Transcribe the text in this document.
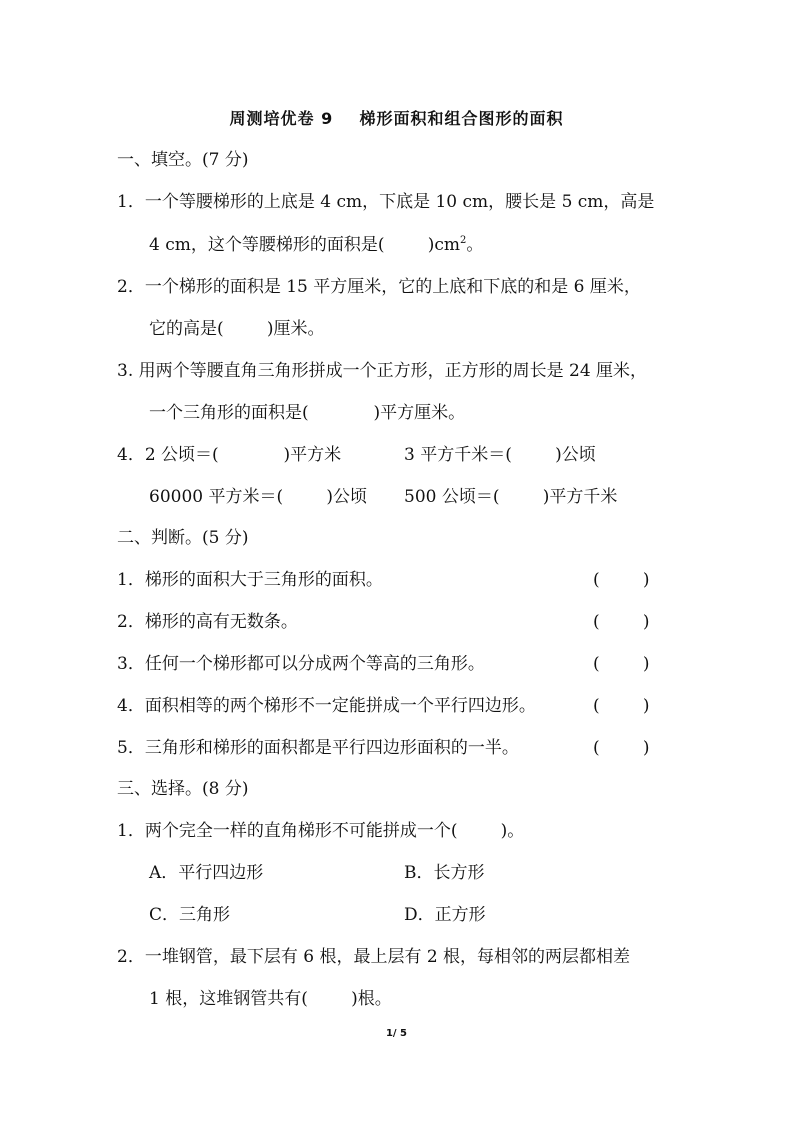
周测培优卷 9    梯形面积和组合图形的面积
一、填空。(7 分)
1．一个等腰梯形的上底是 4 cm，下底是 10 cm，腰长是 5 cm，高是
4 cm，这个等腰梯形的面积是(        )$cm^2$。
2．一个梯形的面积是 15 平方厘米，它的上底和下底的和是 6 厘米，
它的高是(        )厘米。
3. 用两个等腰直角三角形拼成一个正方形，正方形的周长是 24 厘米，
一个三角形的面积是(            )平方厘米。
4．2 公顷＝(            )平方米	3 平方千米＝(        )公顷
60000 平方米＝(        )公顷 500 公顷＝(        )平方千米
二、判断。(5 分)
1．梯形的面积大于三角形的面积。	(        )
2．梯形的高有无数条。	(        )
3．任何一个梯形都可以分成两个等高的三角形。	(        )
4．面积相等的两个梯形不一定能拼成一个平行四边形。	(        )
5．三角形和梯形的面积都是平行四边形面积的一半。	(        )
三、选择。(8 分)
1．两个完全一样的直角梯形不可能拼成一个(        )。
A．平行四边形	B．长方形
C．三角形	D．正方形
2．一堆钢管，最下层有 6 根，最上层有 2 根，每相邻的两层都相差
1 根，这堆钢管共有(        )根。
1/ 5
